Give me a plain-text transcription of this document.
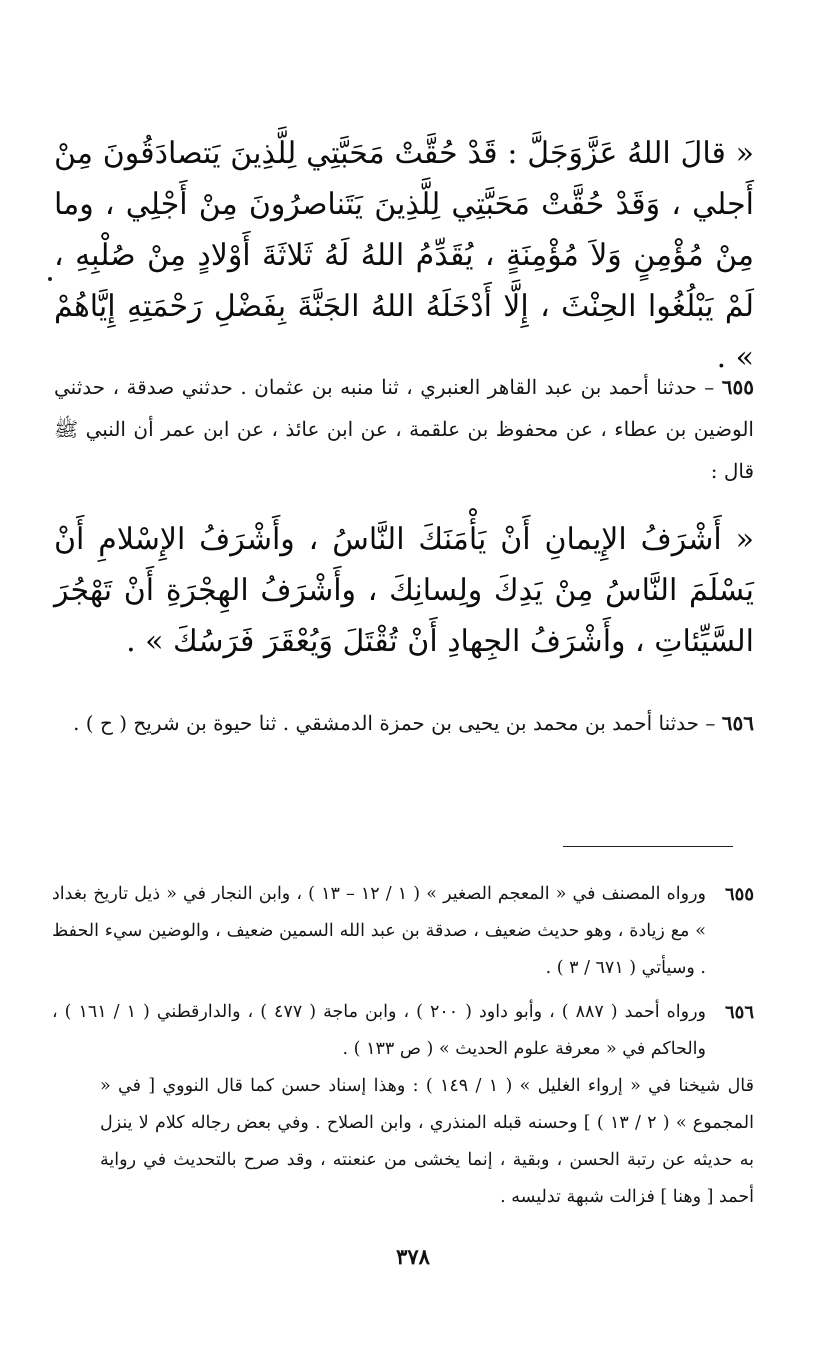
« قالَ اللهُ عَزَّوَجَلَّ : قَدْ حُقَّتْ مَحَبَّتِي لِلَّذِينَ يَتصادَقُونَ مِنْ أَجلي ، وَقَدْ حُقَّتْ مَحَبَّتِي لِلَّذِينَ يَتَناصرُونَ مِنْ أَجْلِي ، وما مِنْ مُؤْمِنٍ وَلاَ مُؤْمِنَةٍ ، يُقَدِّمُ اللهُ لَهُ ثَلاثَةَ أَوْلادٍ مِنْ صُلْبِهِ ، لَمْ يَبْلُغُوا الحِنْثَ ، إِلَّا أَدْخَلَهُ اللهُ الجَنَّةَ بِفَضْلِ رَحْمَتِهِ إِيَّاهُمْ » .
٦٥٥ – حدثنا أحمد بن عبد القاهر العنبري ، ثنا منبه بن عثمان . حدثني صدقة ، حدثني الوضين بن عطاء ، عن محفوظ بن علقمة ، عن ابن عائذ ، عن ابن عمر أن النبي ﷺ قال :
« أَشْرَفُ الإِيمانِ أَنْ يَأْمَنَكَ النَّاسُ ، وأَشْرَفُ الإِسْلامِ أَنْ يَسْلَمَ النَّاسُ مِنْ يَدِكَ ولِسانِكَ ، وأَشْرَفُ الهِجْرَةِ أَنْ تَهْجُرَ السَّيِّئاتِ ، وأَشْرَفُ الجِهادِ أَنْ تُقْتَلَ وَيُعْقَرَ فَرَسُكَ » .
٦٥٦ – حدثنا أحمد بن محمد بن يحيى بن حمزة الدمشقي . ثنا حيوة بن شريح ( ح ) .
٦٥٥
ورواه المصنف في « المعجم الصغير » ( ١ / ١٢ – ١٣ ) ، وابن النجار في « ذيل تاريخ بغداد » مع زيادة ، وهو حديث ضعيف ، صدقة بن عبد الله السمين ضعيف ، والوضين سيء الحفظ . وسيأتي ( ٦٧١ / ٣ ) .
٦٥٦
ورواه أحمد ( ٨٨٧ ) ، وأبو داود ( ٢٠٠ ) ، وابن ماجة ( ٤٧٧ ) ، والدارقطني ( ١ / ١٦١ ) ، والحاكم في « معرفة علوم الحديث » ( ص ١٣٣ ) .
قال شيخنا في « إرواء الغليل » ( ١ / ١٤٩ ) : وهذا إسناد حسن كما قال النووي [ في « المجموع » ( ٢ / ١٣ ) ] وحسنه قبله المنذري ، وابن الصلاح . وفي بعض رجاله كلام لا ينزل به حديثه عن رتبة الحسن ، وبقية ، إنما يخشى من عنعنته ، وقد صرح بالتحديث في رواية أحمد [ وهنا ] فزالت شبهة تدليسه .
٣٧٨
